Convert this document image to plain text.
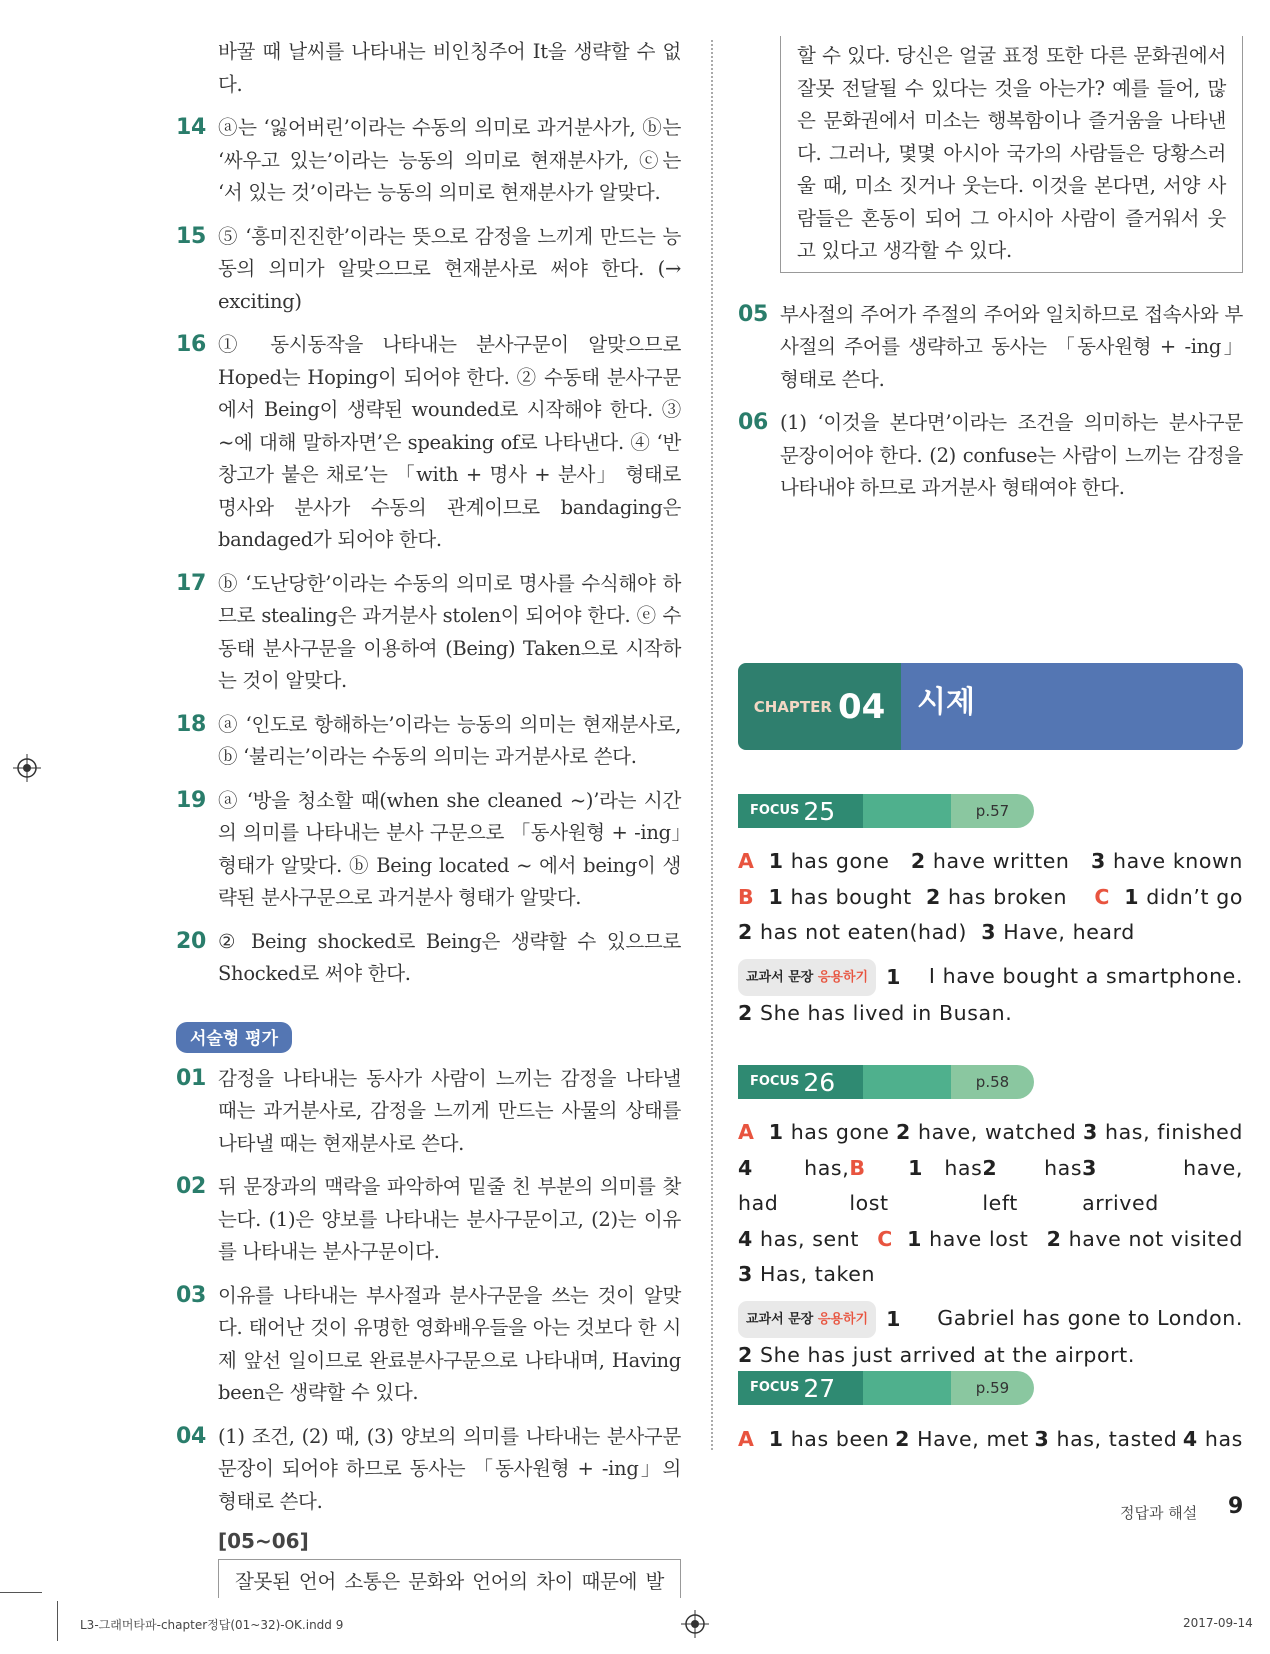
바꿀 때 날씨를 나타내는 비인칭주어 It을 생략할 수 없다.
14 ⓐ는 ‘잃어버린’이라는 수동의 의미로 과거분사가, ⓑ는 ‘싸우고 있는’이라는 능동의 의미로 현재분사가, ⓒ는 ‘서 있는 것’이라는 능동의 의미로 현재분사가 알맞다.
15 ⑤ ‘흥미진진한’이라는 뜻으로 감정을 느끼게 만드는 능동의 의미가 알맞으므로 현재분사로 써야 한다. (→ exciting)
16 ① 동시동작을 나타내는 분사구문이 알맞으므로 Hoped는 Hoping이 되어야 한다. ② 수동태 분사구문에서 Being이 생략된 wounded로 시작해야 한다. ③ ~에 대해 말하자면’은 speaking of로 나타낸다. ④ ‘반창고가 붙은 채로’는 「with + 명사 + 분사」 형태로 명사와 분사가 수동의 관계이므로 bandaging은 bandaged가 되어야 한다.
17 ⓑ ‘도난당한’이라는 수동의 의미로 명사를 수식해야 하므로 stealing은 과거분사 stolen이 되어야 한다. ⓔ 수동태 분사구문을 이용하여 (Being) Taken으로 시작하는 것이 알맞다.
18 ⓐ ‘인도로 항해하는’이라는 능동의 의미는 현재분사로, ⓑ ‘불리는’이라는 수동의 의미는 과거분사로 쓴다.
19 ⓐ ‘방을 청소할 때(when she cleaned ~)’라는 시간의 의미를 나타내는 분사 구문으로 「동사원형 + -ing」형태가 알맞다. ⓑ Being located ~ 에서 being이 생략된 분사구문으로 과거분사 형태가 알맞다.
20 ② Being shocked로 Being은 생략할 수 있으므로 Shocked로 써야 한다.
서술형 평가
01 감정을 나타내는 동사가 사람이 느끼는 감정을 나타낼 때는 과거분사로, 감정을 느끼게 만드는 사물의 상태를 나타낼 때는 현재분사로 쓴다.
02 뒤 문장과의 맥락을 파악하여 밑줄 친 부분의 의미를 찾는다. (1)은 양보를 나타내는 분사구문이고, (2)는 이유를 나타내는 분사구문이다.
03 이유를 나타내는 부사절과 분사구문을 쓰는 것이 알맞다. 태어난 것이 유명한 영화배우들을 아는 것보다 한 시제 앞선 일이므로 완료분사구문으로 나타내며, Having been은 생략할 수 있다.
04 (1) 조건, (2) 때, (3) 양보의 의미를 나타내는 분사구문 문장이 되어야 하므로 동사는 「동사원형 + -ing」의 형태로 쓴다.
[05~06]
잘못된 언어 소통은 문화와 언어의 차이 때문에 발
할 수 있다. 당신은 얼굴 표정 또한 다른 문화권에서 잘못 전달될 수 있다는 것을 아는가? 예를 들어, 많은 문화권에서 미소는 행복함이나 즐거움을 나타낸다. 그러나, 몇몇 아시아 국가의 사람들은 당황스러울 때, 미소 짓거나 웃는다. 이것을 본다면, 서양 사람들은 혼동이 되어 그 아시아 사람이 즐거워서 웃고 있다고 생각할 수 있다.
05 부사절의 주어가 주절의 주어와 일치하므로 접속사와 부사절의 주어를 생략하고 동사는 「동사원형 + -ing」 형태로 쓴다.
06 (1) ‘이것을 본다면’이라는 조건을 의미하는 분사구문 문장이어야 한다. (2) confuse는 사람이 느끼는 감정을 나타내야 하므로 과거분사 형태여야 한다.
CHAPTER 04	시제
FOCUS 25	p.57
A 1 has gone 2 have written 3 have known
B 1 has bought 2 has broken C 1 didn’t go
2 has not eaten(had) 3 Have, heard
교과서 문장 응용하기 1 I have bought a smartphone.
2 She has lived in Busan.
FOCUS 26	p.58
A 1 has gone 2 have, watched 3 has, finished
4	has, had
B 1 has lost
2 has left
3	have, arrived
4 has, sent C 1 have lost 2 have not visited
3 Has, taken
교과서 문장 응용하기 1 Gabriel has gone to London.
2 She has just arrived at the airport.
FOCUS 27	p.59
A 1 has been 2 Have, met 3 has, tasted 4 has
정답과 해설 9
L3-그래머타파-chapter정답(01~32)-OK.indd 9	2017-09-14
